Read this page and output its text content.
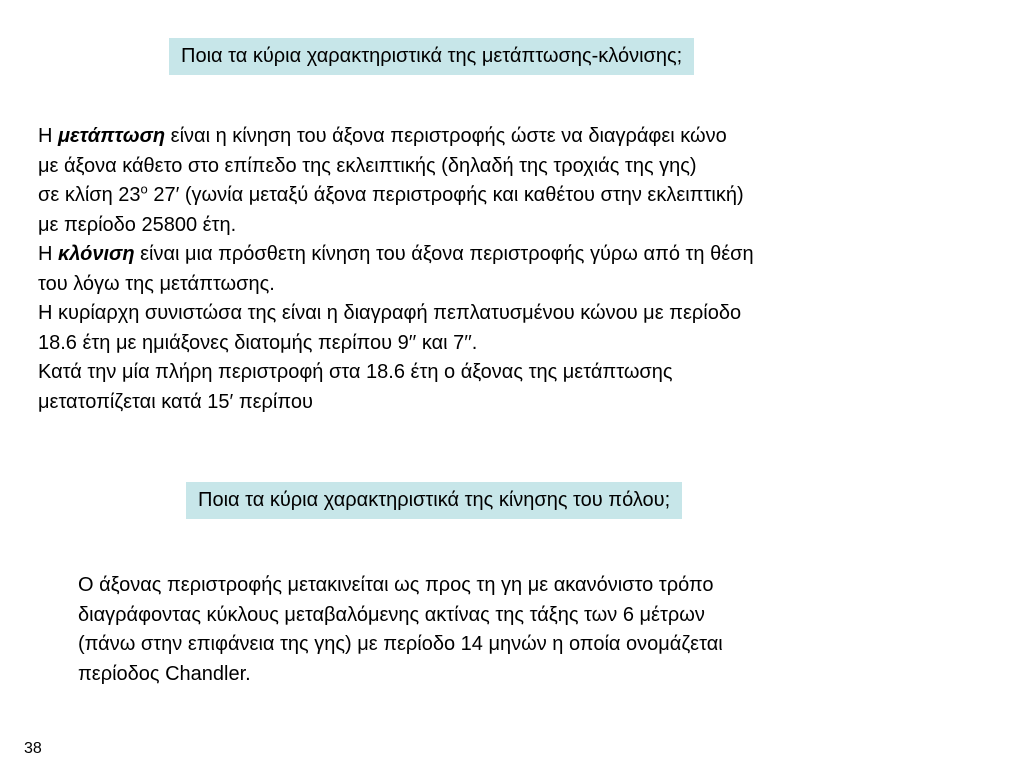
Ποια τα κύρια χαρακτηριστικά της μετάπτωσης-κλόνισης;
Η μετάπτωση είναι η κίνηση του άξονα περιστροφής ώστε να διαγράφει κώνο
με άξονα κάθετο στο επίπεδο της εκλειπτικής (δηλαδή της τροχιάς της γης)
σε κλίση 23$^o$ 27′ (γωνία μεταξύ άξονα περιστροφής και καθέτου στην εκλειπτική)
με περίοδο 25800 έτη.
Η κλόνιση είναι μια πρόσθετη κίνηση του άξονα περιστροφής γύρω από τη θέση
του λόγω της μετάπτωσης.
Η κυρίαρχη συνιστώσα της είναι η διαγραφή πεπλατυσμένου κώνου με περίοδο
18.6 έτη με ημιάξονες διατομής περίπου 9′′ και 7′′.
Κατά την μία πλήρη περιστροφή στα 18.6 έτη ο άξονας της μετάπτωσης
μετατοπίζεται κατά 15′ περίπου
Ποια τα κύρια χαρακτηριστικά της κίνησης του πόλου;
Ο άξονας περιστροφής μετακινείται ως προς τη γη με ακανόνιστο τρόπο
διαγράφοντας κύκλους μεταβαλόμενης ακτίνας της τάξης των 6 μέτρων
(πάνω στην επιφάνεια της γης) με περίοδο 14 μηνών η οποία ονομάζεται
περίοδος Chandler.
38
